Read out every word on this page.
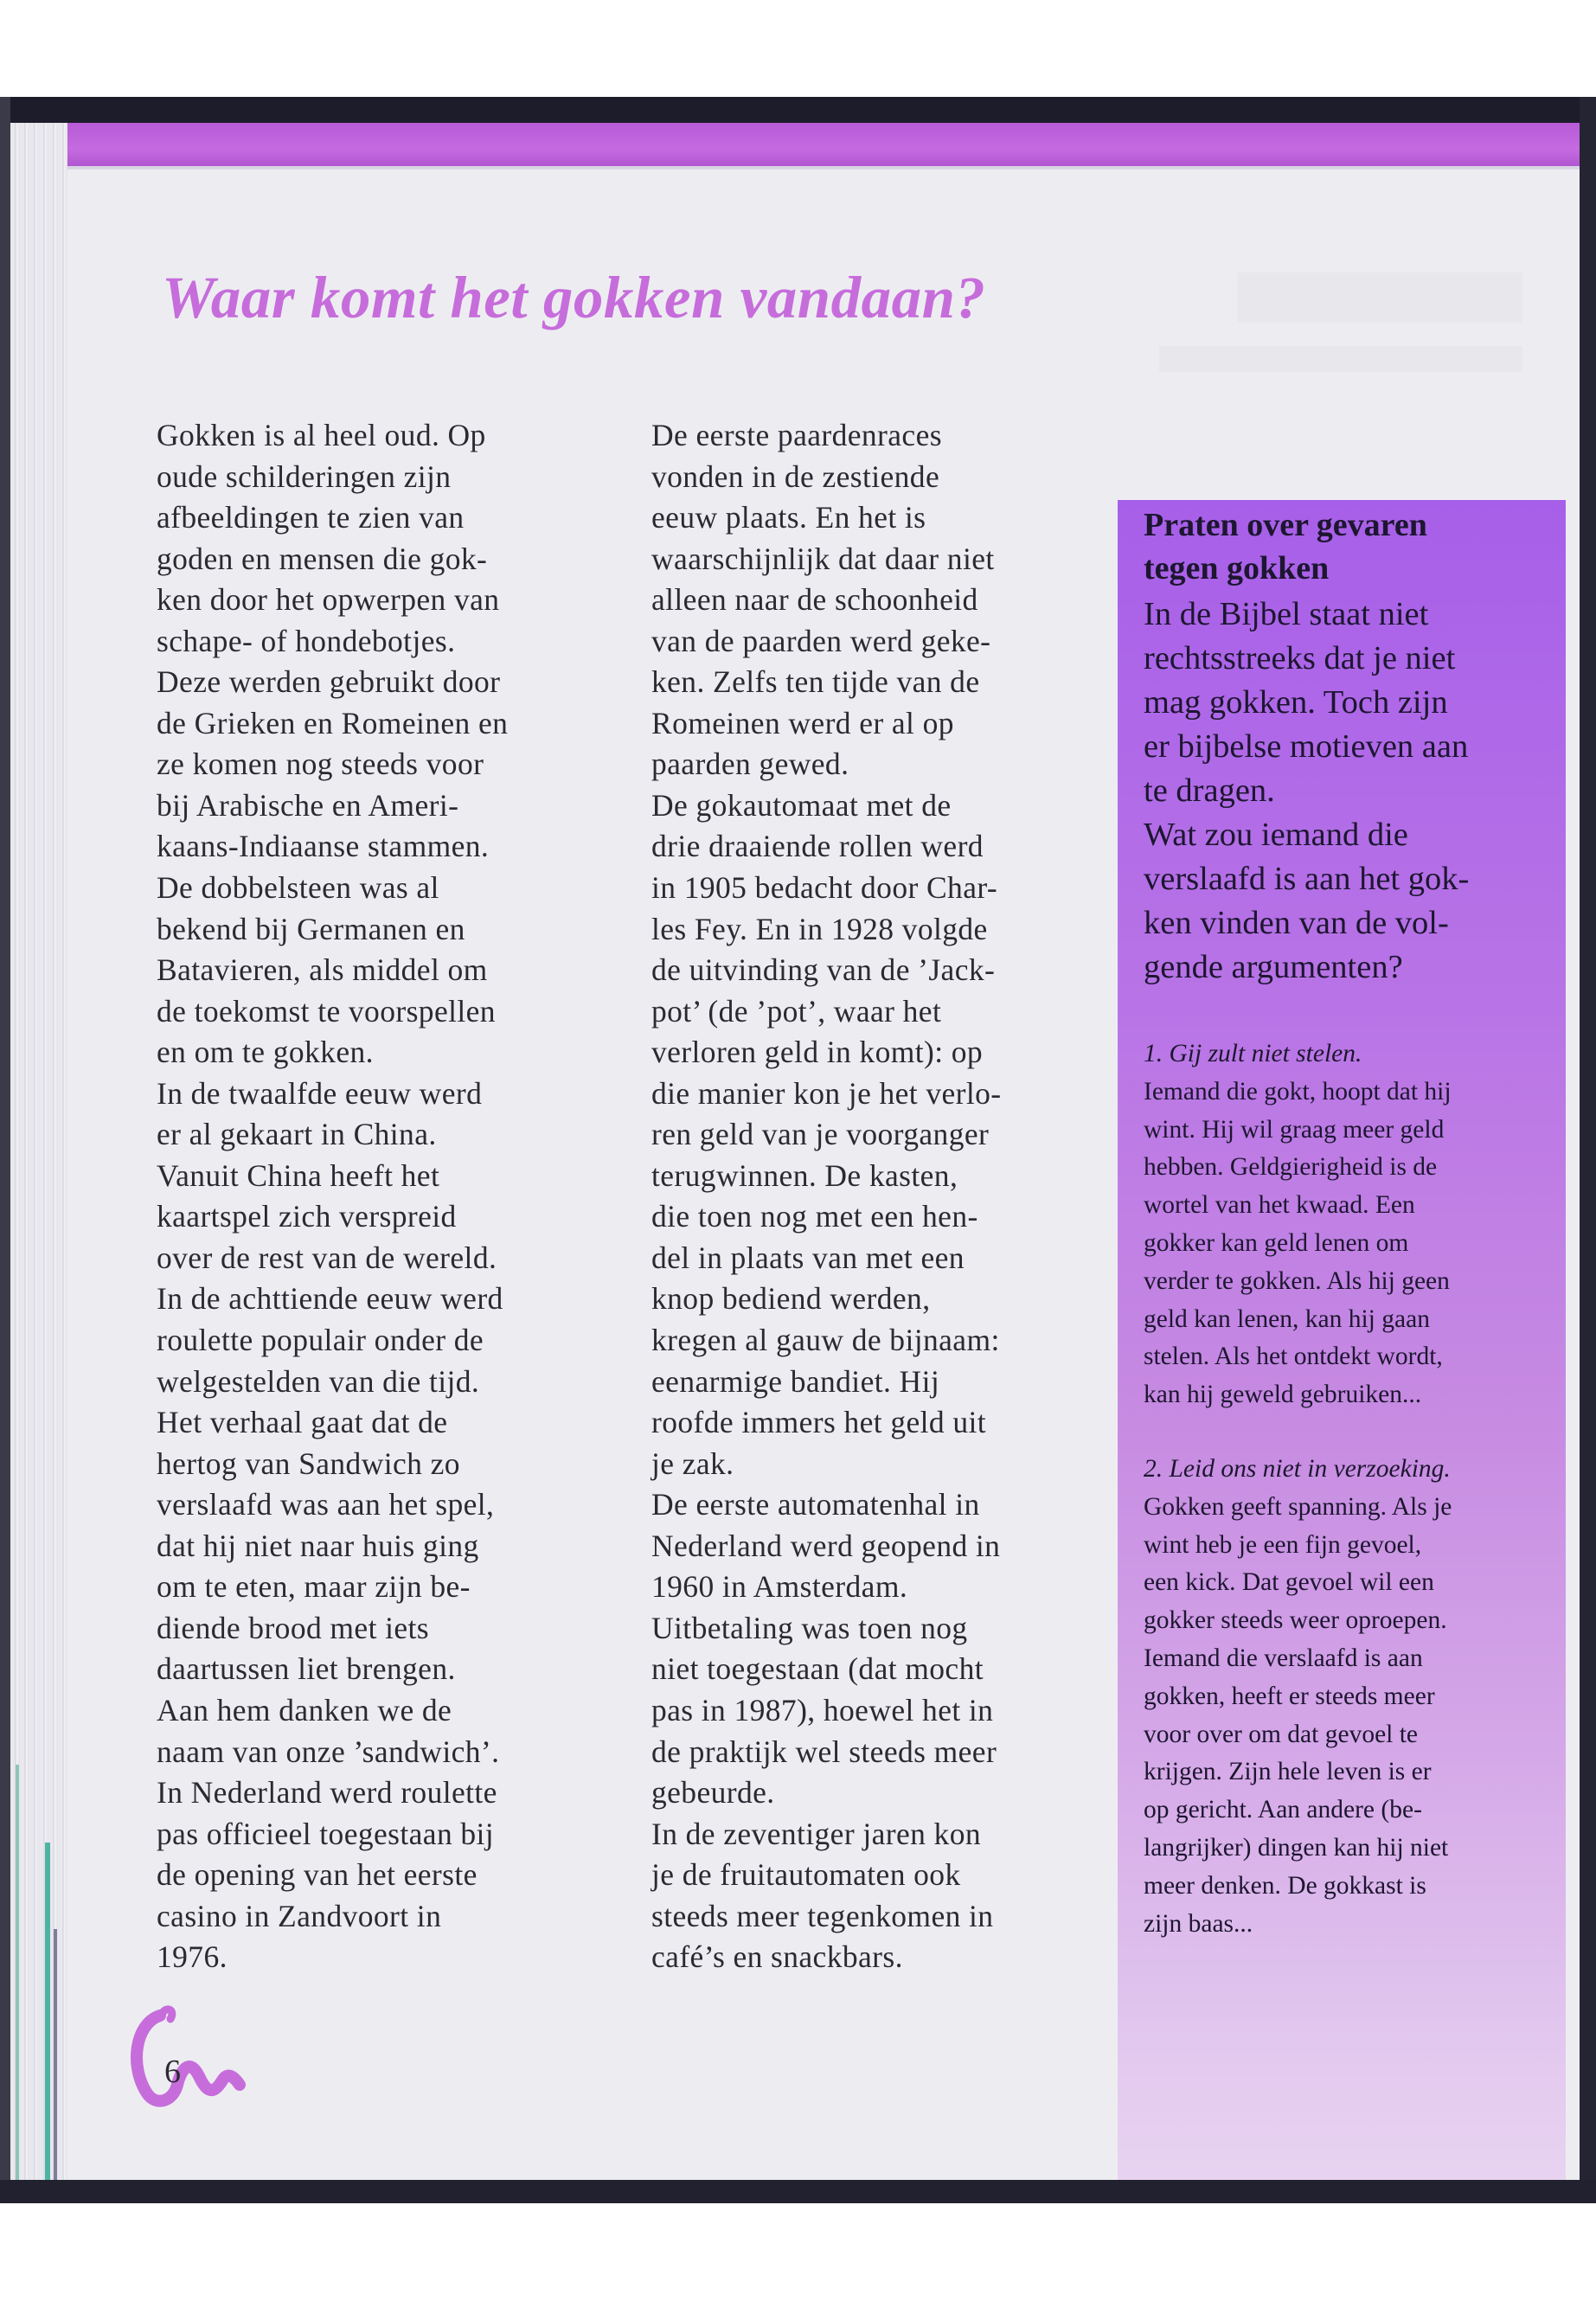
Waar komt het gokken vandaan?

Gokken is al heel oud. Op

oude schilderingen zijn

afbeeldingen te zien van

goden en mensen die gok-

ken door het opwerpen van

schape- of hondebotjes.

Deze werden gebruikt door

de Grieken en Romeinen en

ze komen nog steeds voor

bij Arabische en Ameri-

kaans-Indiaanse stammen.

De dobbelsteen was al

bekend bij Germanen en

Batavieren, als middel om

de toekomst te voorspellen

en om te gokken.

In de twaalfde eeuw werd

er al gekaart in China.

Vanuit China heeft het

kaartspel zich verspreid

over de rest van de wereld.

In de achttiende eeuw werd

roulette populair onder de

welgestelden van die tijd.

Het verhaal gaat dat de

hertog van Sandwich zo

verslaafd was aan het spel,

dat hij niet naar huis ging

om te eten, maar zijn be-

diende brood met iets

daartussen liet brengen.

Aan hem danken we de

naam van onze ’sandwich’.

In Nederland werd roulette

pas officieel toegestaan bij

de opening van het eerste

casino in Zandvoort in

1976.

De eerste paardenraces

vonden in de zestiende

eeuw plaats. En het is

waarschijnlijk dat daar niet

alleen naar de schoonheid

van de paarden werd geke-

ken. Zelfs ten tijde van de

Romeinen werd er al op

paarden gewed.

De gokautomaat met de

drie draaiende rollen werd

in 1905 bedacht door Char-

les Fey. En in 1928 volgde

de uitvinding van de ’Jack-

pot’ (de ’pot’, waar het

verloren geld in komt): op

die manier kon je het verlo-

ren geld van je voorganger

terugwinnen. De kasten,

die toen nog met een hen-

del in plaats van met een

knop bediend werden,

kregen al gauw de bijnaam:

eenarmige bandiet. Hij

roofde immers het geld uit

je zak.

De eerste automatenhal in

Nederland werd geopend in

1960 in Amsterdam.

Uitbetaling was toen nog

niet toegestaan (dat mocht

pas in 1987), hoewel het in

de praktijk wel steeds meer

gebeurde.

In de zeventiger jaren kon

je de fruitautomaten ook

steeds meer tegenkomen in

café’s en snackbars.

Praten over gevaren

tegen gokken

In de Bijbel staat niet

rechtsstreeks dat je niet

mag gokken. Toch zijn

er bijbelse motieven aan

te dragen.

Wat zou iemand die

verslaafd is aan het gok-

ken vinden van de vol-

gende argumenten?

1. Gij zult niet stelen.

Iemand die gokt, hoopt dat hij

wint. Hij wil graag meer geld

hebben. Geldgierigheid is de

wortel van het kwaad. Een

gokker kan geld lenen om

verder te gokken. Als hij geen

geld kan lenen, kan hij gaan

stelen. Als het ontdekt wordt,

kan hij geweld gebruiken...

2. Leid ons niet in verzoeking.

Gokken geeft spanning. Als je

wint heb je een fijn gevoel,

een kick. Dat gevoel wil een

gokker steeds weer oproepen.

Iemand die verslaafd is aan

gokken, heeft er steeds meer

voor over om dat gevoel te

krijgen. Zijn hele leven is er

op gericht. Aan andere (be-

langrijker) dingen kan hij niet

meer denken. De gokkast is

zijn baas...

6
